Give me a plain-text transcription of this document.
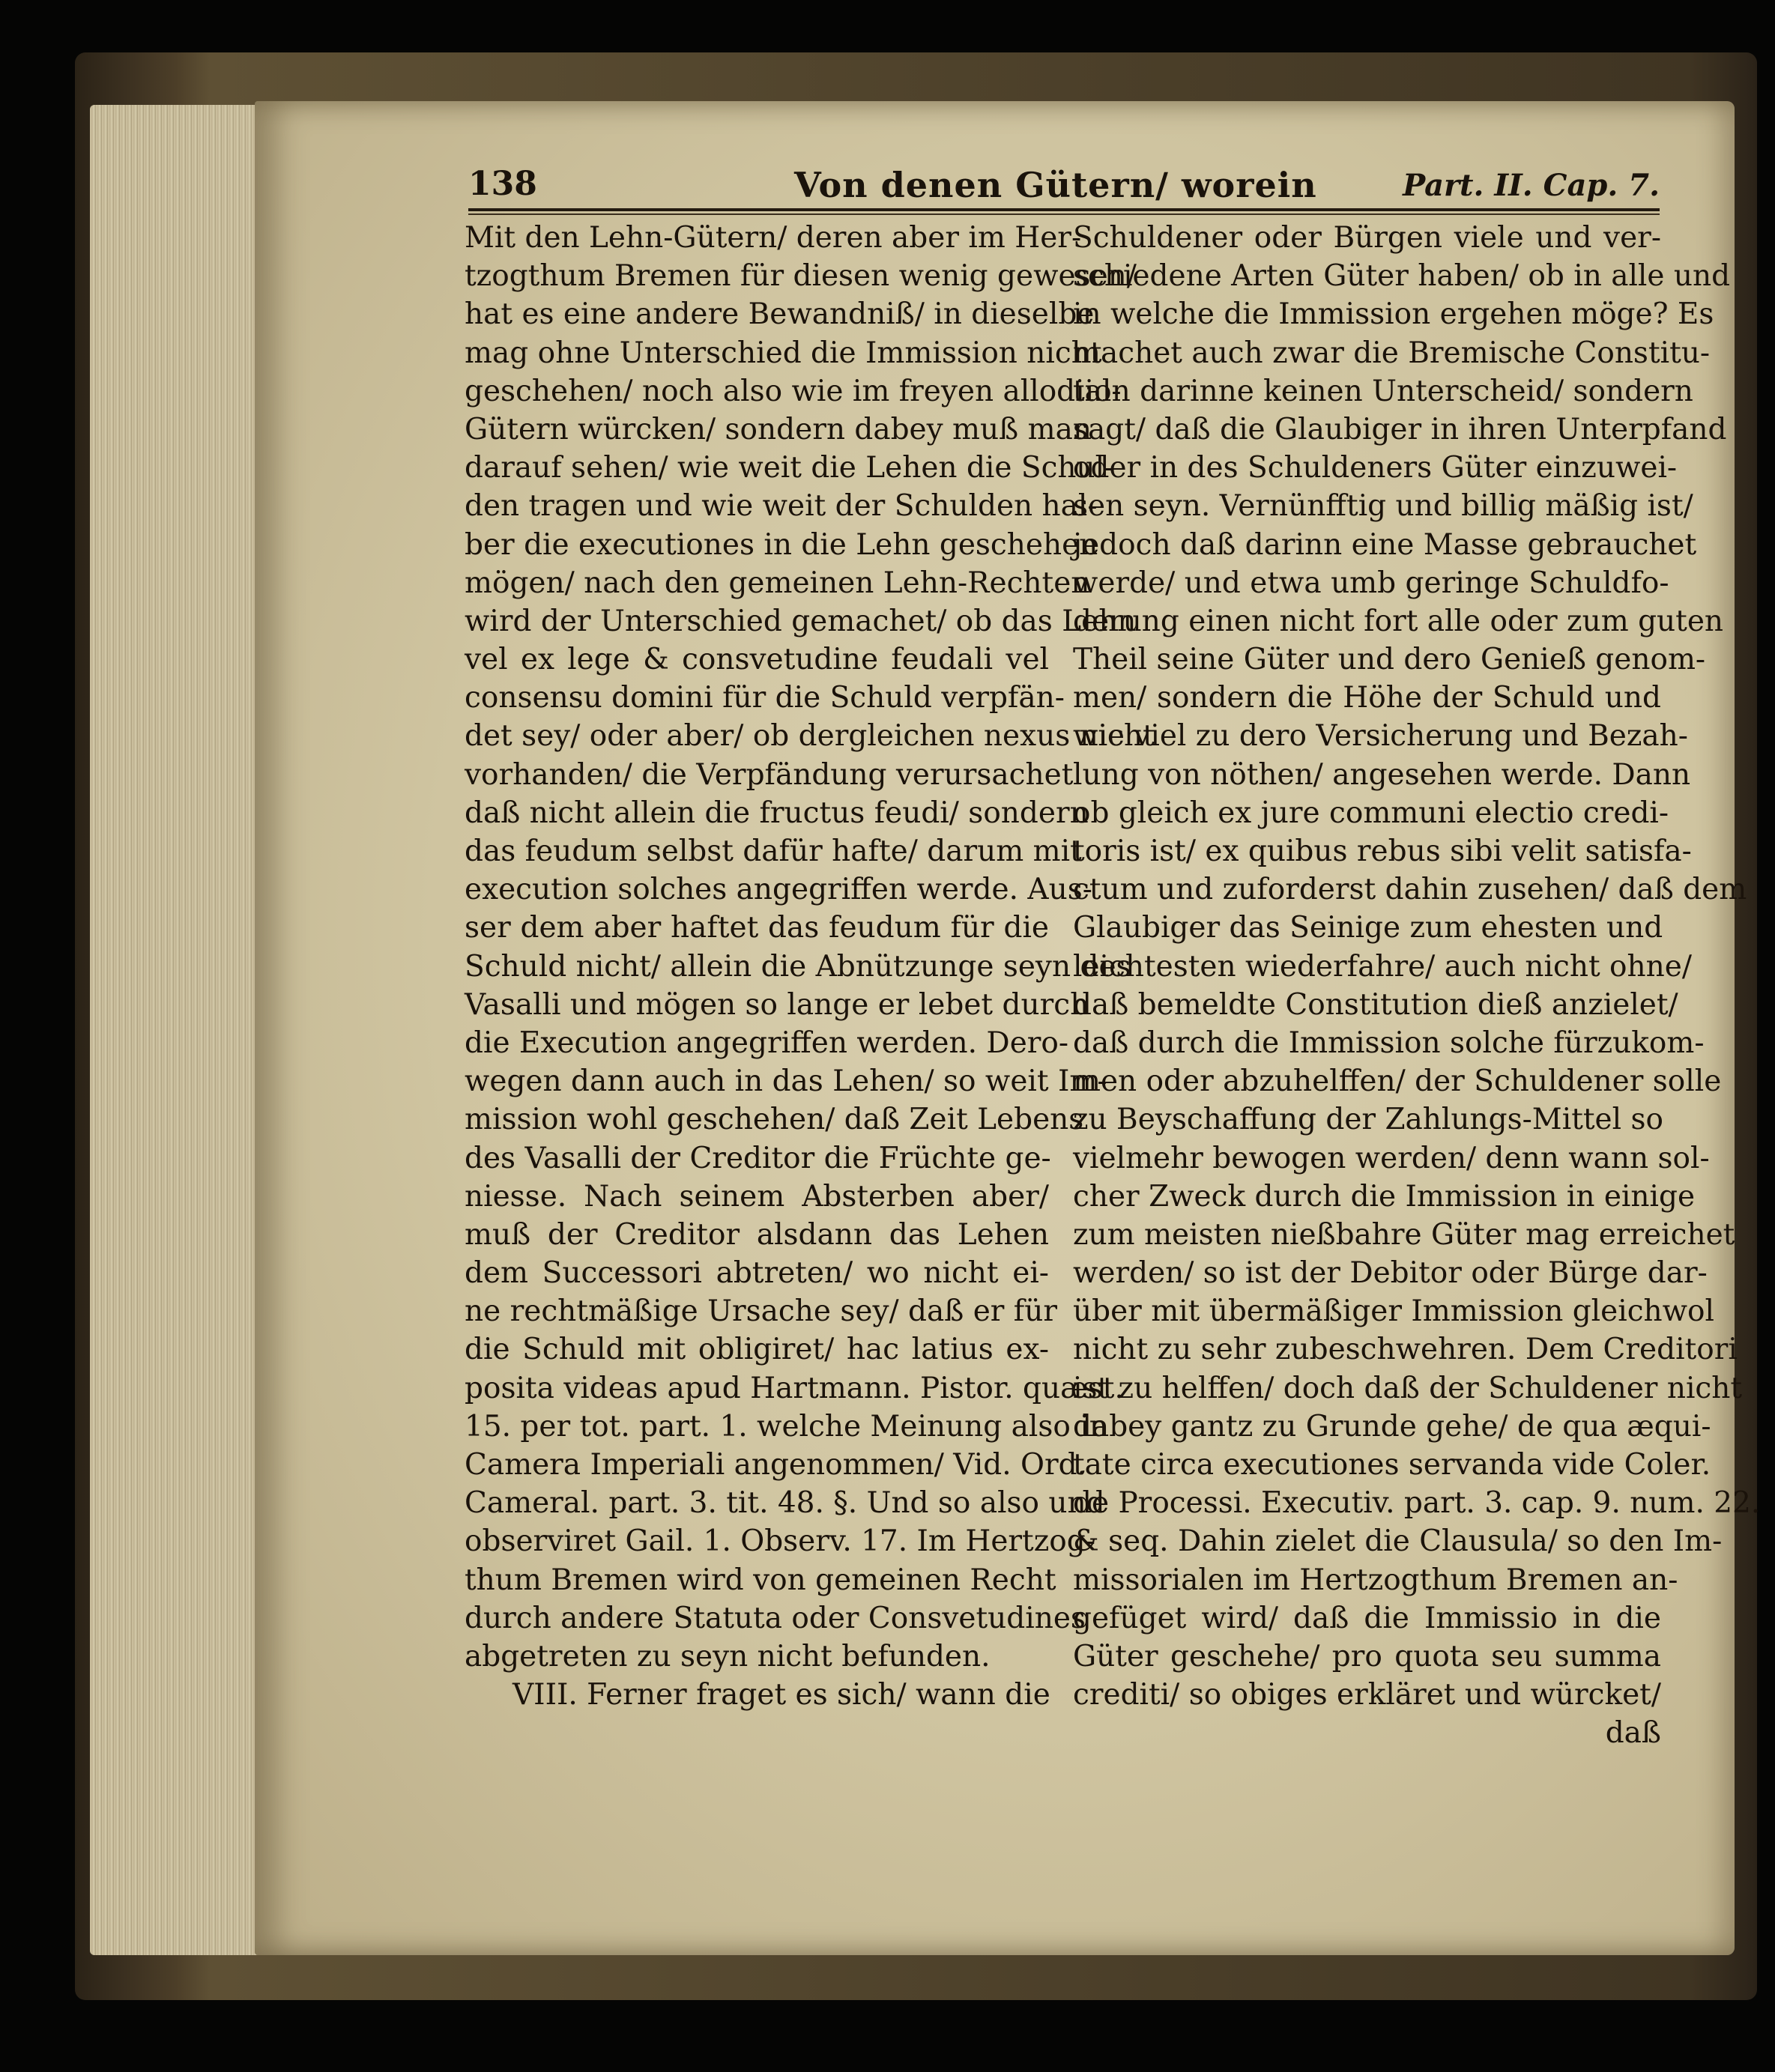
138	Von denen Gütern/ worein	Part. II. Cap. 7.
Mit den Lehn-Gütern/ deren aber im Her-
tzogthum Bremen für diesen wenig gewesen/
hat es eine andere Bewandniß/ in dieselbe
mag ohne Unterschied die Immission nicht
geschehen/ noch also wie im freyen allodial-
Gütern würcken/ sondern dabey muß man
darauf sehen/ wie weit die Lehen die Schul-
den tragen und wie weit der Schulden hal-
ber die executiones in die Lehn geschehen
mögen/ nach den gemeinen Lehn-Rechten
wird der Unterschied gemachet/ ob das Lehn
vel ex lege & consvetudine feudali vel
consensu domini für die Schuld verpfän-
det sey/ oder aber/ ob dergleichen nexus nicht
vorhanden/ die Verpfändung verursachet
daß nicht allein die fructus feudi/ sondern
das feudum selbst dafür hafte/ darum mit
execution solches angegriffen werde. Aus-
ser dem aber haftet das feudum für die
Schuld nicht/ allein die Abnützunge seyn des
Vasalli und mögen so lange er lebet durch
die Execution angegriffen werden. Dero-
wegen dann auch in das Lehen/ so weit Im-
mission wohl geschehen/ daß Zeit Lebens
des Vasalli der Creditor die Früchte ge-
niesse. Nach seinem Absterben aber/
muß der Creditor alsdann das Lehen
dem Successori abtreten/ wo nicht ei-
ne rechtmäßige Ursache sey/ daß er für
die Schuld mit obligiret/ hac latius ex-
posita videas apud Hartmann. Pistor. quæst.
15. per tot. part. 1. welche Meinung also in
Camera Imperiali angenommen/ Vid. Ord.
Cameral. part. 3. tit. 48. §. Und so also und
observiret Gail. 1. Observ. 17. Im Hertzog-
thum Bremen wird von gemeinen Recht
durch andere Statuta oder Consvetudines
abgetreten zu seyn nicht befunden.
VIII. Ferner fraget es sich/ wann die
Schuldener oder Bürgen viele und ver-
schiedene Arten Güter haben/ ob in alle und
in welche die Immission ergehen möge? Es
machet auch zwar die Bremische Constitu-
tion darinne keinen Unterscheid/ sondern
sagt/ daß die Glaubiger in ihren Unterpfand
oder in des Schuldeners Güter einzuwei-
sen seyn. Vernünfftig und billig mäßig ist/
jedoch daß darinn eine Masse gebrauchet
werde/ und etwa umb geringe Schuldfo-
derung einen nicht fort alle oder zum guten
Theil seine Güter und dero Genieß genom-
men/ sondern die Höhe der Schuld und
wie viel zu dero Versicherung und Bezah-
lung von nöthen/ angesehen werde. Dann
ob gleich ex jure communi electio credi-
toris ist/ ex quibus rebus sibi velit satisfa-
ctum und zuforderst dahin zusehen/ daß dem
Glaubiger das Seinige zum ehesten und
leichtesten wiederfahre/ auch nicht ohne/
daß bemeldte Constitution dieß anzielet/
daß durch die Immission solche fürzukom-
men oder abzuhelffen/ der Schuldener solle
zu Beyschaffung der Zahlungs-Mittel so
vielmehr bewogen werden/ denn wann sol-
cher Zweck durch die Immission in einige
zum meisten nießbahre Güter mag erreichet
werden/ so ist der Debitor oder Bürge dar-
über mit übermäßiger Immission gleichwol
nicht zu sehr zubeschwehren. Dem Creditori
ist zu helffen/ doch daß der Schuldener nicht
dabey gantz zu Grunde gehe/ de qua æqui-
tate circa executiones servanda vide Coler.
de Processi. Executiv. part. 3. cap. 9. num. 22.
& seq. Dahin zielet die Clausula/ so den Im-
missorialen im Hertzogthum Bremen an-
gefüget wird/ daß die Immissio in die
Güter geschehe/ pro quota seu summa
crediti/ so obiges erkläret und würcket/
daß
